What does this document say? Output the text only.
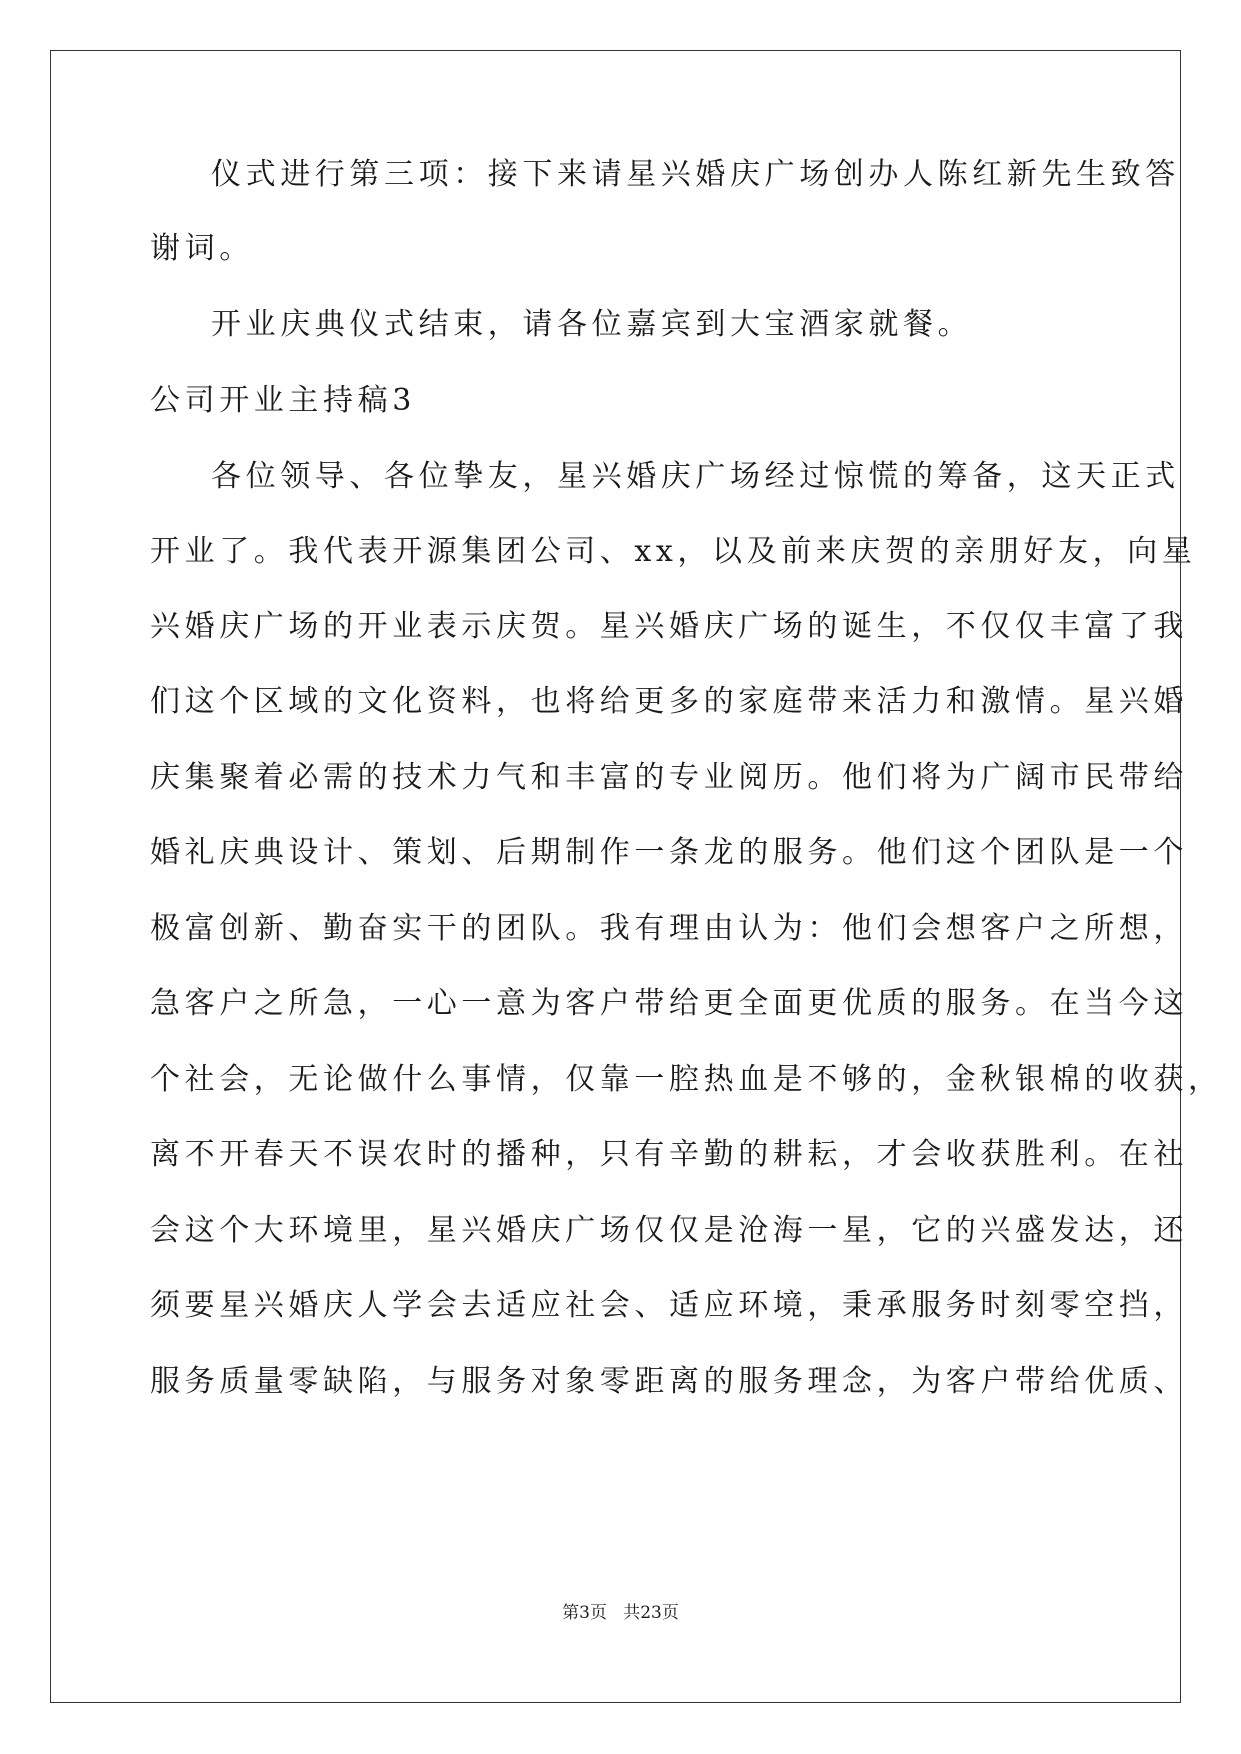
仪式进行第三项：接下来请星兴婚庆广场创办人陈红新先生致答
谢词。
开业庆典仪式结束，请各位嘉宾到大宝酒家就餐。
公司开业主持稿3
各位领导、各位挚友，星兴婚庆广场经过惊慌的筹备，这天正式
开业了。我代表开源集团公司、xx，以及前来庆贺的亲朋好友，向星
兴婚庆广场的开业表示庆贺。星兴婚庆广场的诞生，不仅仅丰富了我
们这个区域的文化资料，也将给更多的家庭带来活力和激情。星兴婚
庆集聚着必需的技术力气和丰富的专业阅历。他们将为广阔市民带给
婚礼庆典设计、策划、后期制作一条龙的服务。他们这个团队是一个
极富创新、勤奋实干的团队。我有理由认为：他们会想客户之所想，
急客户之所急，一心一意为客户带给更全面更优质的服务。在当今这
个社会，无论做什么事情，仅靠一腔热血是不够的，金秋银棉的收获，
离不开春天不误农时的播种，只有辛勤的耕耘，才会收获胜利。在社
会这个大环境里，星兴婚庆广场仅仅是沧海一星，它的兴盛发达，还
须要星兴婚庆人学会去适应社会、适应环境，秉承服务时刻零空挡，
服务质量零缺陷，与服务对象零距离的服务理念，为客户带给优质、
第3页 共23页
